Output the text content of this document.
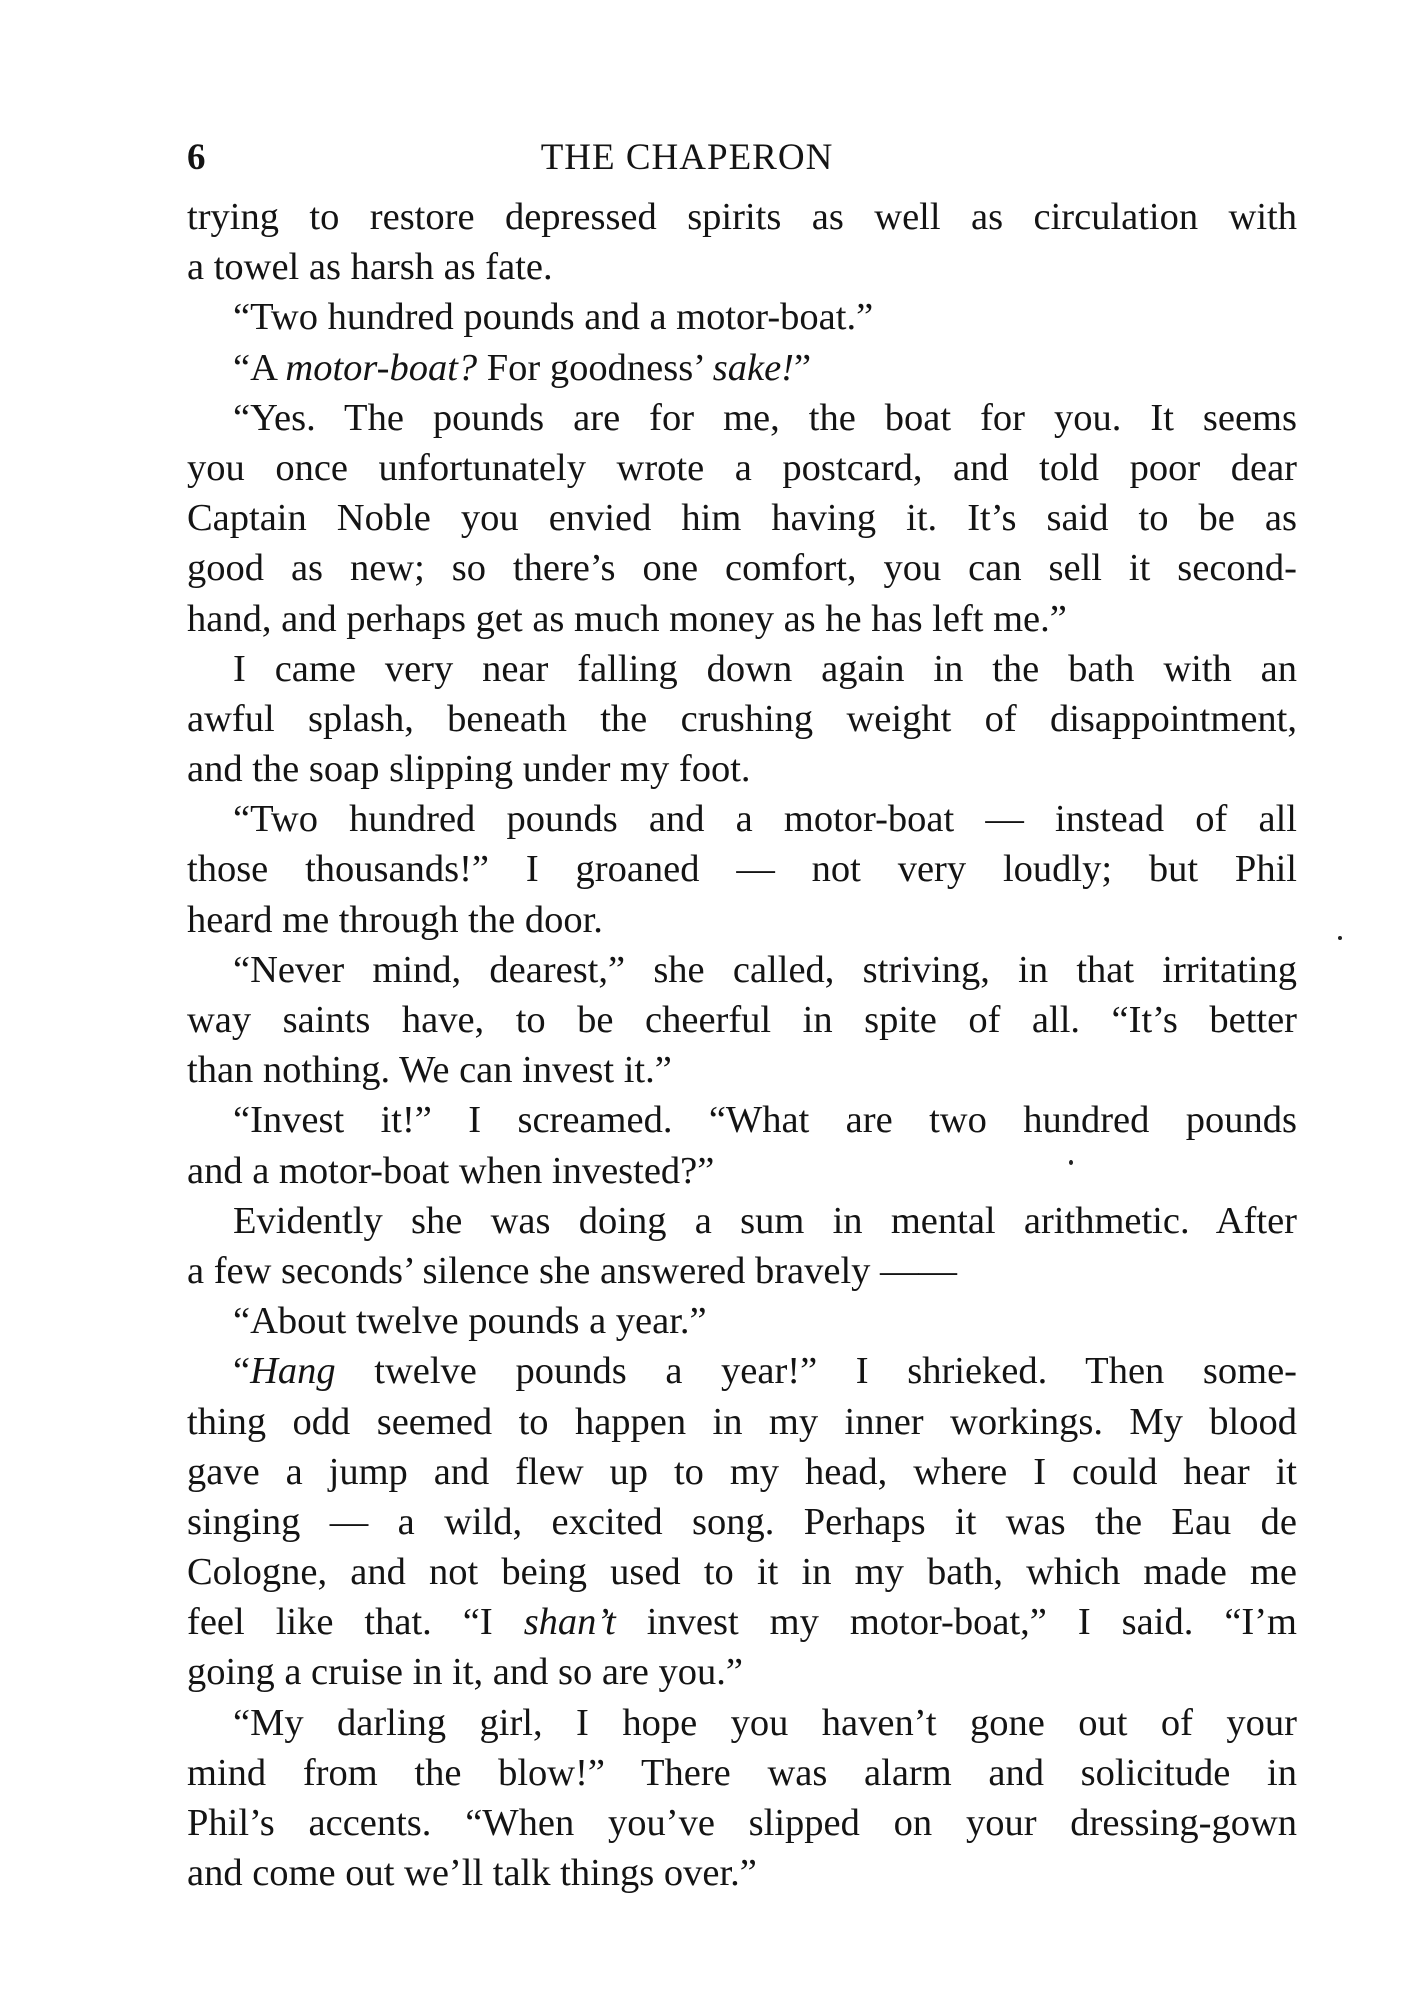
6	THE CHAPERON
trying to restore depressed spirits as well as circulation with
a towel as harsh as fate.
“Two hundred pounds and a motor-boat.”
“A motor-boat? For goodness’ sake!”
“Yes. The pounds are for me, the boat for you. It seems
you once unfortunately wrote a postcard, and told poor dear
Captain Noble you envied him having it. It’s said to be as
good as new; so there’s one comfort, you can sell it second-
hand, and perhaps get as much money as he has left me.”
I came very near falling down again in the bath with an
awful splash, beneath the crushing weight of disappointment,
and the soap slipping under my foot.
“Two hundred pounds and a motor-boat — instead of all
those thousands!” I groaned — not very loudly; but Phil
heard me through the door.
“Never mind, dearest,” she called, striving, in that irritating
way saints have, to be cheerful in spite of all. “It’s better
than nothing. We can invest it.”
“Invest it!” I screamed. “What are two hundred pounds
and a motor-boat when invested?”
Evidently she was doing a sum in mental arithmetic. After
a few seconds’ silence she answered bravely ——
“About twelve pounds a year.”
“Hang twelve pounds a year!” I shrieked. Then some-
thing odd seemed to happen in my inner workings. My blood
gave a jump and flew up to my head, where I could hear it
singing — a wild, excited song. Perhaps it was the Eau de
Cologne, and not being used to it in my bath, which made me
feel like that. “I shan’t invest my motor-boat,” I said. “I’m
going a cruise in it, and so are you.”
“My darling girl, I hope you haven’t gone out of your
mind from the blow!” There was alarm and solicitude in
Phil’s accents. “When you’ve slipped on your dressing-gown
and come out we’ll talk things over.”
